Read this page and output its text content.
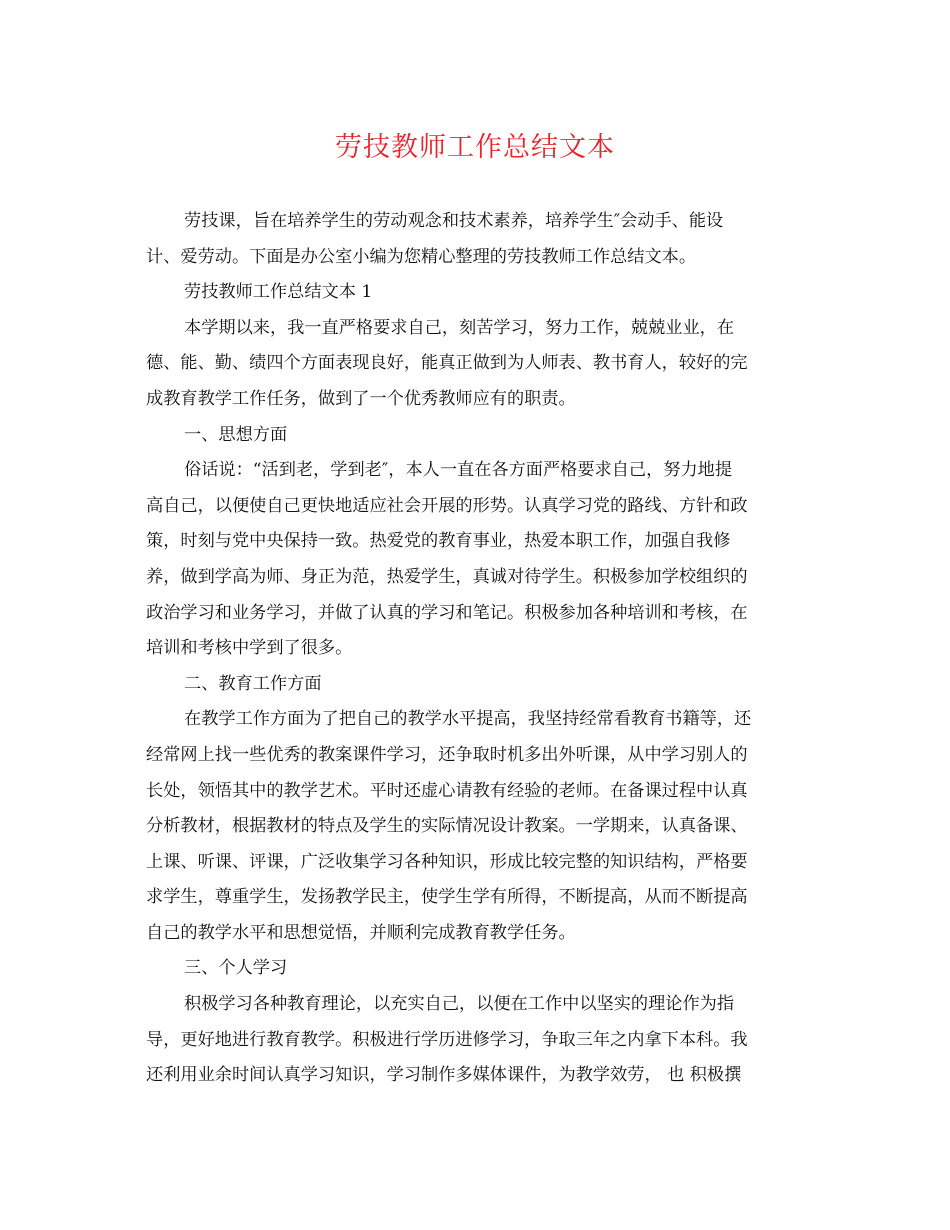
劳技教师工作总结文本
劳技课，旨在培养学生的劳动观念和技术素养，培养学生″会动手、能设
计、爱劳动。下面是办公室小编为您精心整理的劳技教师工作总结文本。
劳技教师工作总结文本 1
本学期以来，我一直严格要求自己，刻苦学习，努力工作，兢兢业业，在
德、能、勤、绩四个方面表现良好，能真正做到为人师表、教书育人，较好的完
成教育教学工作任务，做到了一个优秀教师应有的职责。
一、思想方面
俗话说：“活到老，学到老″，本人一直在各方面严格要求自己，努力地提
高自己，以便使自己更快地适应社会开展的形势。认真学习党的路线、方针和政
策，时刻与党中央保持一致。热爱党的教育事业，热爱本职工作，加强自我修
养，做到学高为师、身正为范，热爱学生，真诚对待学生。积极参加学校组织的
政治学习和业务学习，并做了认真的学习和笔记。积极参加各种培训和考核，在
培训和考核中学到了很多。
二、教育工作方面
在教学工作方面为了把自己的教学水平提高，我坚持经常看教育书籍等，还
经常网上找一些优秀的教案课件学习，还争取时机多出外听课，从中学习别人的
长处，领悟其中的教学艺术。平时还虚心请教有经验的老师。在备课过程中认真
分析教材，根据教材的特点及学生的实际情况设计教案。一学期来，认真备课、
上课、听课、评课，广泛收集学习各种知识，形成比较完整的知识结构，严格要
求学生，尊重学生，发扬教学民主，使学生学有所得，不断提高，从而不断提高
自己的教学水平和思想觉悟，并顺利完成教育教学任务。
三、个人学习
积极学习各种教育理论，以充实自己，以便在工作中以坚实的理论作为指
导，更好地进行教育教学。积极进行学历进修学习，争取三年之内拿下本科。我
还利用业余时间认真学习知识，学习制作多媒体课件，为教学效劳， 也 积极撰
